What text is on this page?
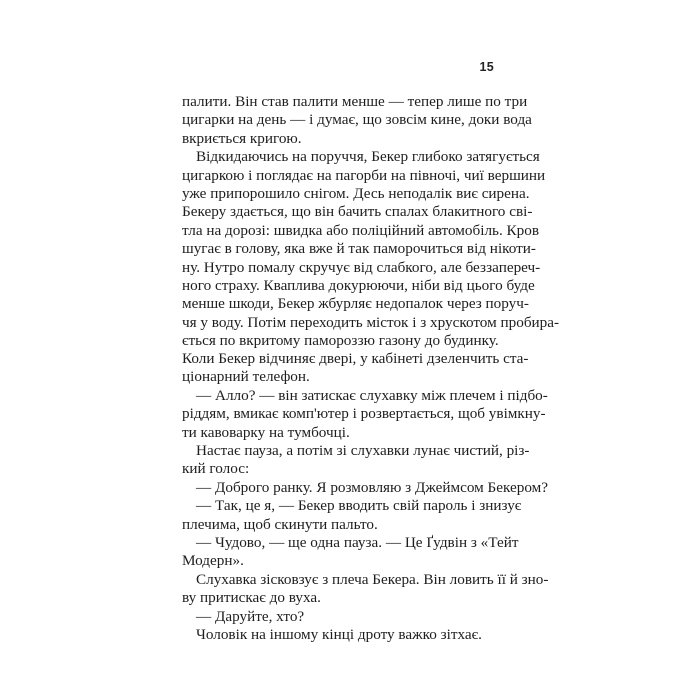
15
палити. Він став палити менше — тепер лише по три
цигарки на день — і думає, що зовсім кине, доки вода
вкриється кригою.
Відкидаючись на поруччя, Бекер глибоко затягується
цигаркою і поглядає на пагорби на півночі, чиї вершини
уже припорошило снігом. Десь неподалік виє сирена.
Бекеру здається, що він бачить спалах блакитного сві-
тла на дорозі: швидка або поліційний автомобіль. Кров
шугає в голову, яка вже й так паморочиться від нікоти-
ну. Нутро помалу скручує від слабкого, але беззапереч-
ного страху. Кваплива докурюючи, ніби від цього буде
менше шкоди, Бекер жбурляє недопалок через поруч-
чя у воду. Потім переходить місток і з хрускотом пробира-
ється по вкритому памороззю газону до будинку.
Коли Бекер відчиняє двері, у кабінеті дзеленчить ста-
ціонарний телефон.
— Алло? — він затискає слухавку між плечем і підбо-
ріддям, вмикає комп'ютер і розвертається, щоб увімкну-
ти кавоварку на тумбочці.
Настає пауза, а потім зі слухавки лунає чистий, різ-
кий голос:
— Доброго ранку. Я розмовляю з Джеймсом Бекером?
— Так, це я, — Бекер вводить свій пароль і знизує
плечима, щоб скинути пальто.
— Чудово, — ще одна пауза. — Це Ґудвін з «Тейт
Модерн».
Слухавка зісковзує з плеча Бекера. Він ловить її й зно-
ву притискає до вуха.
— Даруйте, хто?
Чоловік на іншому кінці дроту важко зітхає.
